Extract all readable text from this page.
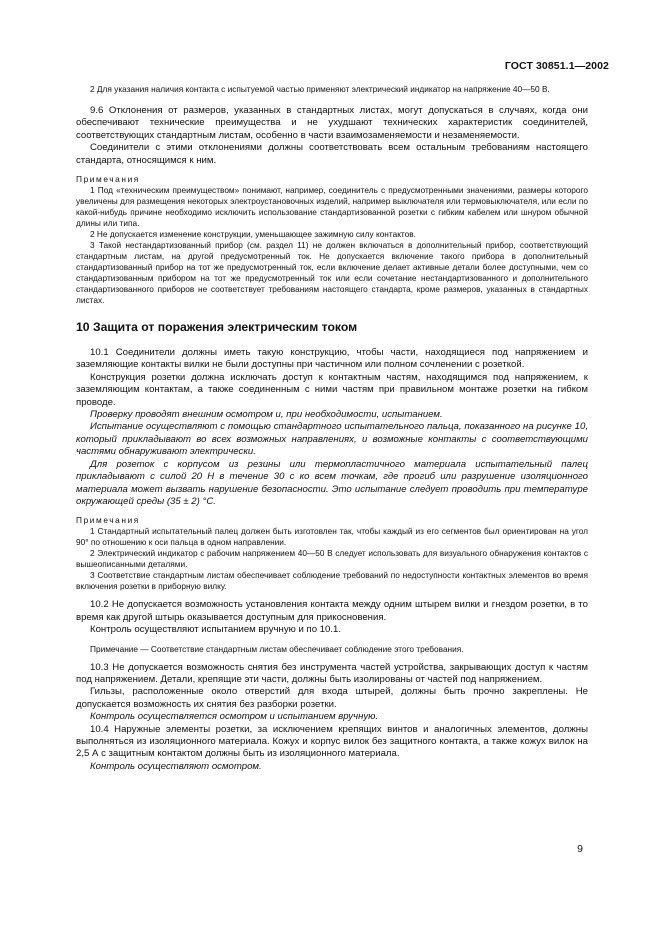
ГОСТ 30851.1—2002

2 Для указания наличия контакта с испытуемой частью применяют электрический индикатор на напряжение 40—50 В.

9.6 Отклонения от размеров, указанных в стандартных листах, могут допускаться в случаях, когда они обеспечивают технические преимущества и не ухудшают технических характеристик соединителей, соответствующих стандартным листам, особенно в части взаимозаменяемости и незаменяемости.

Соединители с этими отклонениями должны соответствовать всем остальным требованиям настоящего стандарта, относящимся к ним.

Примечания

1 Под «техническим преимуществом» понимают, например, соединитель с предусмотренными значениями, размеры которого увеличены для размещения некоторых электроустановочных изделий, например выключателя или термовыключателя, или если по какой-нибудь причине необходимо исключить использование стандартизованной розетки с гибким кабелем или шнуром обычной длины или типа.

2 Не допускается изменение конструкции, уменьшающее зажимную силу контактов.

3 Такой нестандартизованный прибор (см. раздел 11) не должен включаться в дополнительный прибор, соответствующий стандартным листам, на другой предусмотренный ток. Не допускается включение такого прибора в дополнительный стандартизованный прибор на тот же предусмотренный ток, если включение делает активные детали более доступными, чем со стандартизованным прибором на тот же предусмотренный ток или если сочетание нестандартизованного и дополнительного стандартизованного приборов не соответствует требованиям настоящего стандарта, кроме размеров, указанных в стандартных листах.

10 Защита от поражения электрическим током

10.1 Соединители должны иметь такую конструкцию, чтобы части, находящиеся под напряжением и заземляющие контакты вилки не были доступны при частичном или полном сочленении с розеткой.

Конструкция розетки должна исключать доступ к контактным частям, находящимся под напряжением, к заземляющим контактам, а также соединенным с ними частям при правильном монтаже розетки на гибком проводе.

Проверку проводят внешним осмотром и, при необходимости, испытанием.

Испытание осуществляют с помощью стандартного испытательного пальца, показанного на рисунке 10, который прикладывают во всех возможных направлениях, и возможные контакты с соответствующими частями обнаруживают электрически.

Для розеток с корпусом из резины или термопластичного материала испытательный палец прикладывают с силой 20 Н в течение 30 с ко всем точкам, где прогиб или разрушение изоляционного материала может вызвать нарушение безопасности. Это испытание следует проводить при температуре окружающей среды (35 ± 2) °С.

Примечания

1 Стандартный испытательный палец должен быть изготовлен так, чтобы каждый из его сегментов был ориентирован на угол 90° по отношению к оси пальца в одном направлении.

2 Электрический индикатор с рабочим напряжением 40—50 В следует использовать для визуального обнаружения контактов с вышеописанными деталями.

3 Соответствие стандартным листам обеспечивает соблюдение требований по недоступности контактных элементов во время включения розетки в приборную вилку.

10.2 Не допускается возможность установления контакта между одним штырем вилки и гнездом розетки, в то время как другой штырь оказывается доступным для прикосновения.

Контроль осуществляют испытанием вручную и по 10.1.

Примечание — Соответствие стандартным листам обеспечивает соблюдение этого требования.

10.3 Не допускается возможность снятия без инструмента частей устройства, закрывающих доступ к частям под напряжением. Детали, крепящие эти части, должны быть изолированы от частей под напряжением.

Гильзы, расположенные около отверстий для входа штырей, должны быть прочно закреплены. Не допускается возможность их снятия без разборки розетки.

Контроль осуществляется осмотром и испытанием вручную.

10.4 Наружные элементы розетки, за исключением крепящих винтов и аналогичных элементов, должны выполняться из изоляционного материала. Кожух и корпус вилок без защитного контакта, а также кожух вилок на 2,5 А с защитным контактом должны быть из изоляционного материала.

Контроль осуществляют осмотром.

9
